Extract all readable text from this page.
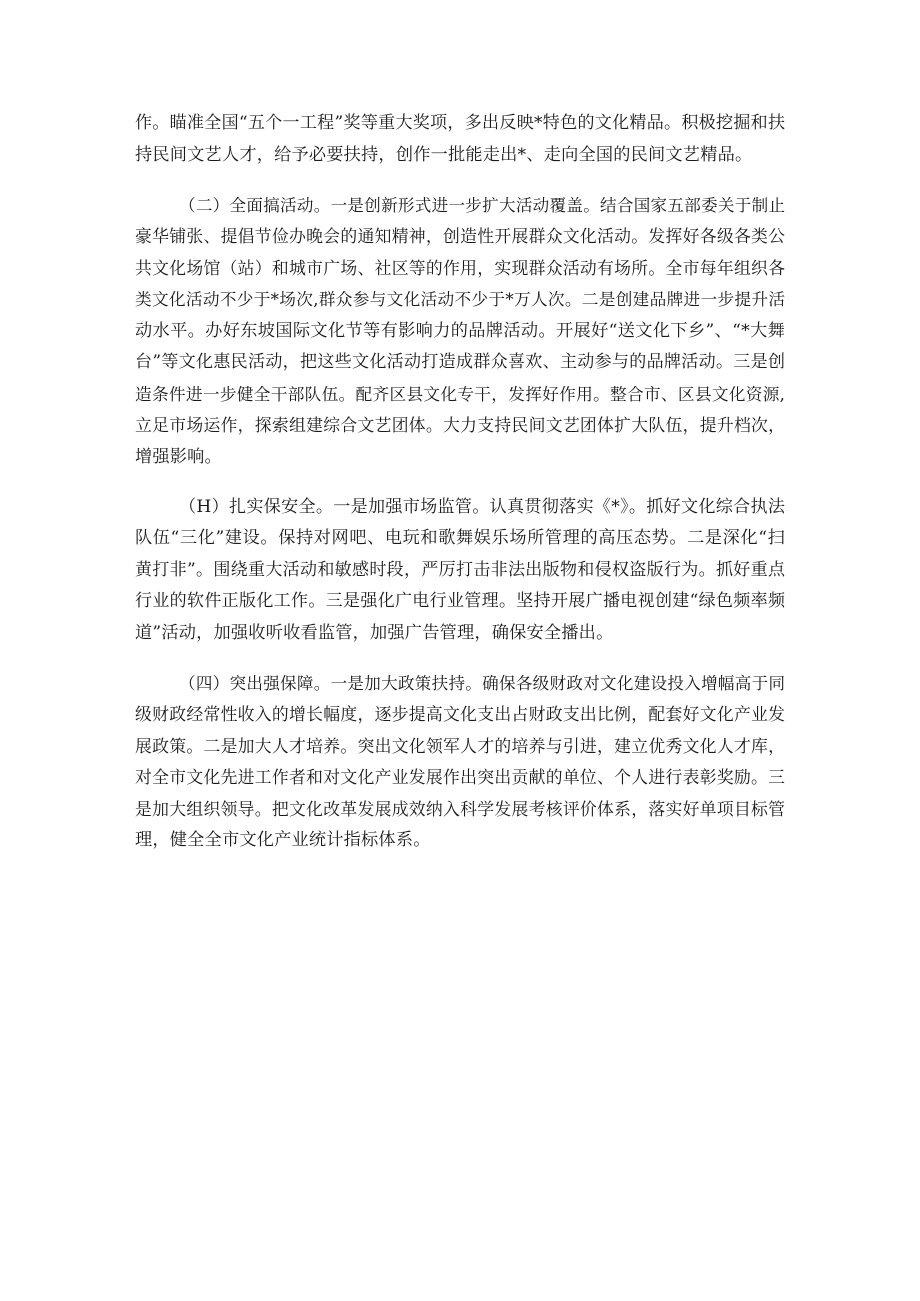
作。瞄准全国“五个一工程”奖等重大奖项，多出反映*特色的文化精品。积极挖掘和扶
持民间文艺人才，给予必要扶持，创作一批能走出*、走向全国的民间文艺精品。
（二）全面搞活动。一是创新形式进一步扩大活动覆盖。结合国家五部委关于制止
豪华铺张、提倡节俭办晚会的通知精神，创造性开展群众文化活动。发挥好各级各类公
共文化场馆（站）和城市广场、社区等的作用，实现群众活动有场所。全市每年组织各
类文化活动不少于*场次,群众参与文化活动不少于*万人次。二是创建品牌进一步提升活
动水平。办好东坡国际文化节等有影响力的品牌活动。开展好“送文化下乡”、“*大舞
台”等文化惠民活动，把这些文化活动打造成群众喜欢、主动参与的品牌活动。三是创
造条件进一步健全干部队伍。配齐区县文化专干，发挥好作用。整合市、区县文化资源,
立足市场运作，探索组建综合文艺团体。大力支持民间文艺团体扩大队伍，提升档次，
增强影响。
（H）扎实保安全。一是加强市场监管。认真贯彻落实《*》。抓好文化综合执法
队伍“三化”建设。保持对网吧、电玩和歌舞娱乐场所管理的高压态势。二是深化“扫
黄打非”。围绕重大活动和敏感时段，严厉打击非法出版物和侵权盗版行为。抓好重点
行业的软件正版化工作。三是强化广电行业管理。坚持开展广播电视创建“绿色频率频
道”活动，加强收听收看监管，加强广告管理，确保安全播出。
（四）突出强保障。一是加大政策扶持。确保各级财政对文化建设投入增幅高于同
级财政经常性收入的增长幅度，逐步提高文化支出占财政支出比例，配套好文化产业发
展政策。二是加大人才培养。突出文化领军人才的培养与引进，建立优秀文化人才库，
对全市文化先进工作者和对文化产业发展作出突出贡献的单位、个人进行表彰奖励。三
是加大组织领导。把文化改革发展成效纳入科学发展考核评价体系，落实好单项目标管
理，健全全市文化产业统计指标体系。
